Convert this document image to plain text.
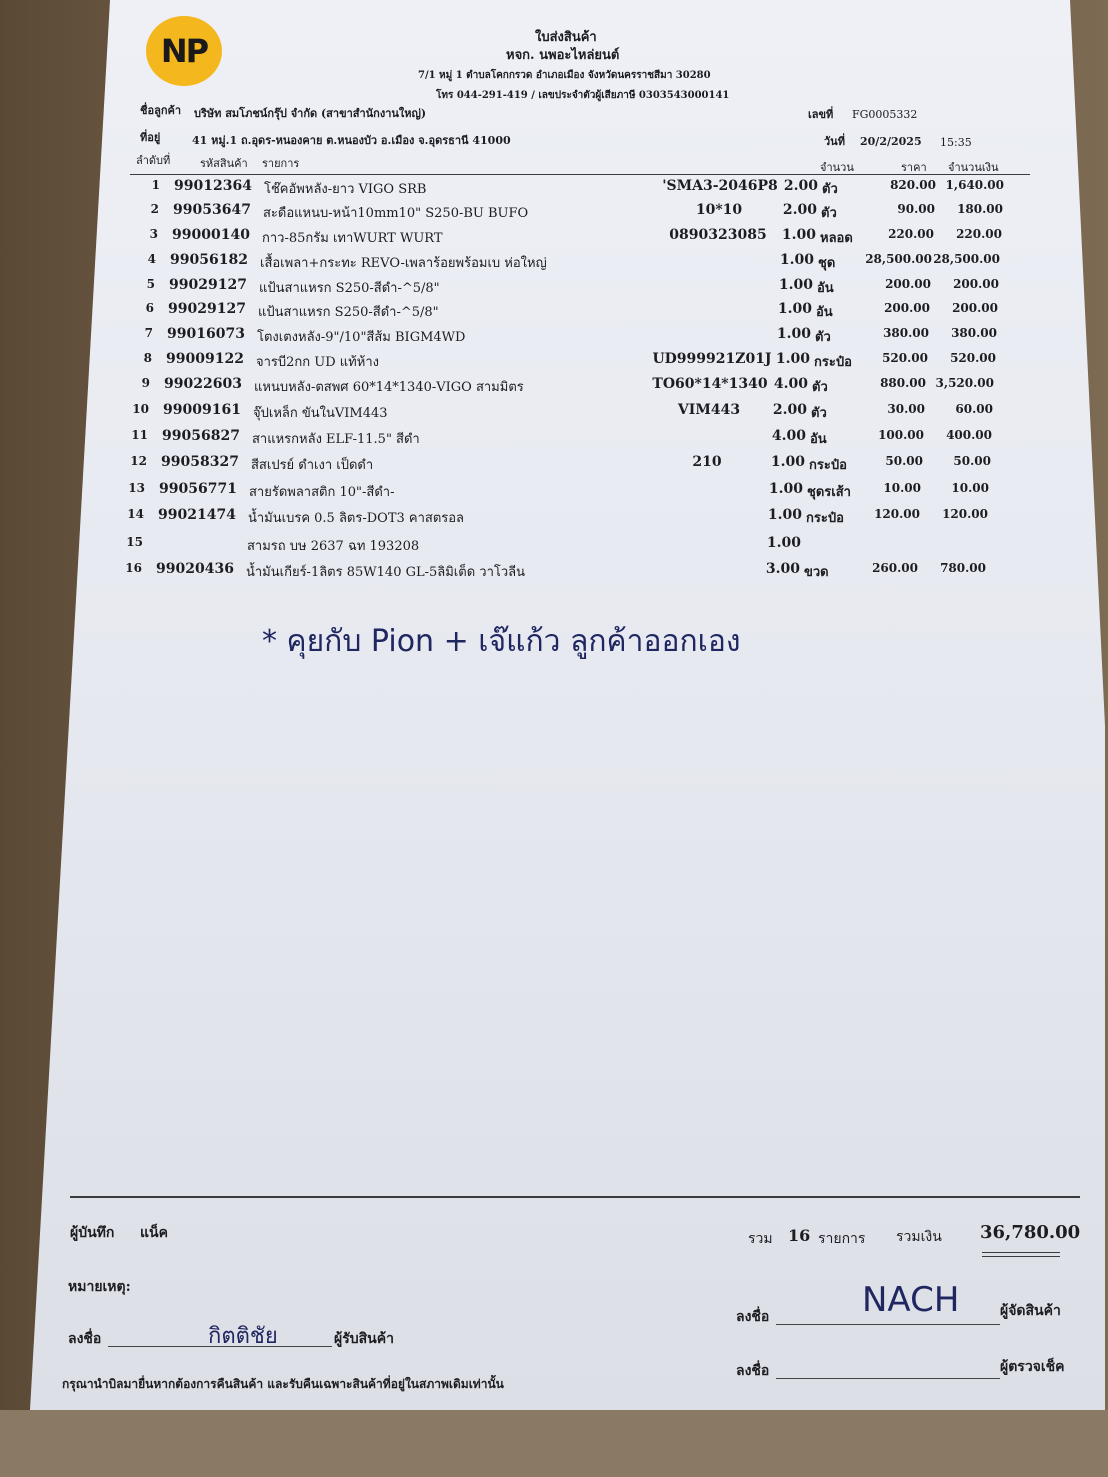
NP	ใบส่งสินค้า
หจก. นพอะไหล่ยนต์
7/1 หมู่ 1 ตำบลโคกกรวด อำเภอเมือง จังหวัดนครราชสีมา 30280
โทร 044-291-419 / เลขประจำตัวผู้เสียภาษี 0303543000141
ชื่อลูกค้า บริษัท สมโภชน์กรุ๊ป จำกัด (สาขาสำนักงานใหญ่)
ที่อยู่	41 หมู่.1 ถ.อุดร-หนองคาย ต.หนองบัว อ.เมือง จ.อุดรธานี 41000
เลขที่ FG0005332
วันที่ 20/2/2025 15:35
ลำดับที่	รหัสสินค้า รายการ	จำนวน	ราคา จำนวนเงิน
1 99012364 โช๊คอัพหลัง-ยาว VIGO SRB	'SMA3-2046P8 2.00 ตัว	820.00 1,640.00
2 99053647 สะดือแหนบ-หน้า10mm10" S250-BU BUFO	10*10	2.00 ตัว	90.00	180.00
3 99000140 กาว-85กรัม เทาWURT WURT	0890323085	1.00 หลอด	220.00	220.00
4 99056182 เสื้อเพลา+กระทะ REVO-เพลาร้อยพร้อมเบ ห่อใหญ่	1.00 ชุด	28,500.00 28,500.00
5 99029127 แป้นสาแหรก S250-สีดำ-^5/8"	1.00 อัน	200.00	200.00
6 99029127 แป้นสาแหรก S250-สีดำ-^5/8"	1.00 อัน	200.00	200.00
7 99016073 โตงเตงหลัง-9"/10"สีส้ม BIGM4WD	1.00 ตัว	380.00	380.00
8 99009122 จารบี2กก UD แท้ห้าง	UD999921Z01J 1.00 กระป๋อ	520.00	520.00
9 99022603 แหนบหลัง-ตสพศ 60*14*1340-VIGO สามมิตร	TO60*14*1340 4.00 ตัว	880.00 3,520.00
10 99009161 จุ๊ปเหล็ก ขันในVIM443	VIM443	2.00 ตัว	30.00	60.00
11 99056827 สาแหรกหลัง ELF-11.5" สีดำ	4.00 อัน	100.00	400.00
12 99058327 สีสเปรย์ ดำเงา เป็ดดำ	210	1.00 กระป๋อ	50.00	50.00
13 99056771 สายรัดพลาสติก 10"-สีดำ-	1.00 ชุดรเส้า	10.00	10.00
14 99021474 น้ำมันเบรค 0.5 ลิตร-DOT3 คาสตรอล	1.00 กระป๋อ	120.00	120.00
15	สามรถ บษ 2637 ฉท 193208	1.00
16 99020436 น้ำมันเกียร์-1ลิตร 85W140 GL-5ลิมิเต็ด วาโวลีน	3.00 ขวด	260.00	780.00
* คุยกับ Pion + เจ๊แก้ว ลูกค้าออกเอง
ผู้บันทึก แน็ค	รวม 16 รายการ รวมเงิน 36,780.00
หมายเหตุ:
ลงชื่อ	กิตติชัย	ผู้รับสินค้า
ลงชื่อ	NACH	ผู้จัดสินค้า
ลงชื่อ	ผู้ตรวจเช็ค
กรุณานำบิลมายื่นหากต้องการคืนสินค้า และรับคืนเฉพาะสินค้าที่อยู่ในสภาพเดิมเท่านั้น
